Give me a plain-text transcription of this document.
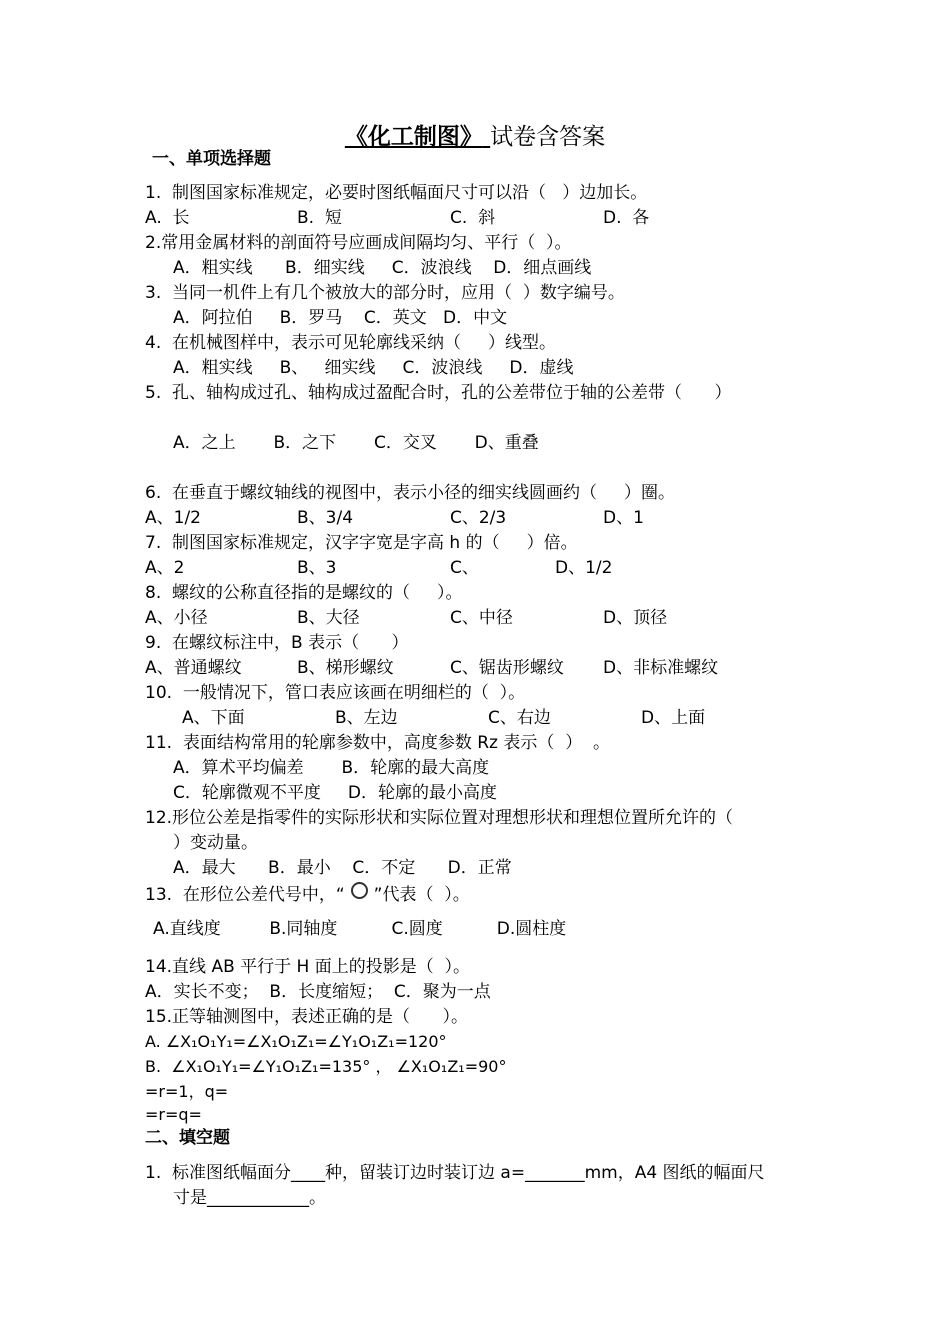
《化工制图》 试卷含答案
一、单项选择题
1.  制图国家标准规定，必要时图纸幅面尺寸可以沿（   ）边加长。
A.  长	B.  短	C.  斜	D.  各
2.常用金属材料的剖面符号应画成间隔均匀、平行（  ）。
A．粗实线      B．细实线     C．波浪线    D．细点画线
3.  当同一机件上有几个被放大的部分时，应用（  ）数字编号。
A．阿拉伯     B．罗马    C．英文   D．中文
4.  在机械图样中，表示可见轮廓线采纳（     ）线型。
A．粗实线     B、   细实线     C．波浪线     D．虚线
5.  孔、轴构成过孔、轴构成过盈配合时，孔的公差带位于轴的公差带（      ）
A．之上       B．之下       C．交叉       D、重叠
6.  在垂直于螺纹轴线的视图中，表示小径的细实线圆画约（     ）圈。
A、1/2	B、3/4	C、2/3	D、1
7.  制图国家标准规定，汉字字宽是字高 h 的（     ）倍。
A、2	B、3	C、	D、1/2
8.  螺纹的公称直径指的是螺纹的（     ）。
A、小径	B、大径	C、中径	D、顶径
9.  在螺纹标注中，B 表示（      ）
A、普通螺纹	B、梯形螺纹	C、锯齿形螺纹 D、非标准螺纹
10.  一般情况下，管口表应该画在明细栏的（  ）。
A、下面	B、左边	C、右边	D、上面
11.  表面结构常用的轮廓参数中，高度参数 Rz 表示（  ）  。
A．算术平均偏差       B．轮廓的最大高度
C．轮廓微观不平度     D．轮廓的最小高度
12.形位公差是指零件的实际形状和实际位置对理想形状和理想位置所允许的（
）变动量。
A．最大      B．最小    C．不定      D．正常
13.  在形位公差代号中，“ ”代表（  ）。
A.直线度         B.同轴度          C.圆度          D.圆柱度
14.直线 AB 平行于 H 面上的投影是（  ）。
A．实长不变；  B．长度缩短；  C．聚为一点
15.正等轴测图中，表述正确的是（      ）。
A. ∠X₁O₁Y₁=∠X₁O₁Z₁=∠Y₁O₁Z₁=120°
B.  ∠X₁O₁Y₁=∠Y₁O₁Z₁=135° ， ∠X₁O₁Z₁=90°
=r=1，q=
=r=q=
二、填空题
1.  标准图纸幅面分____种，留装订边时装订边 a=_______mm，A4 图纸的幅面尺
寸是____________。
